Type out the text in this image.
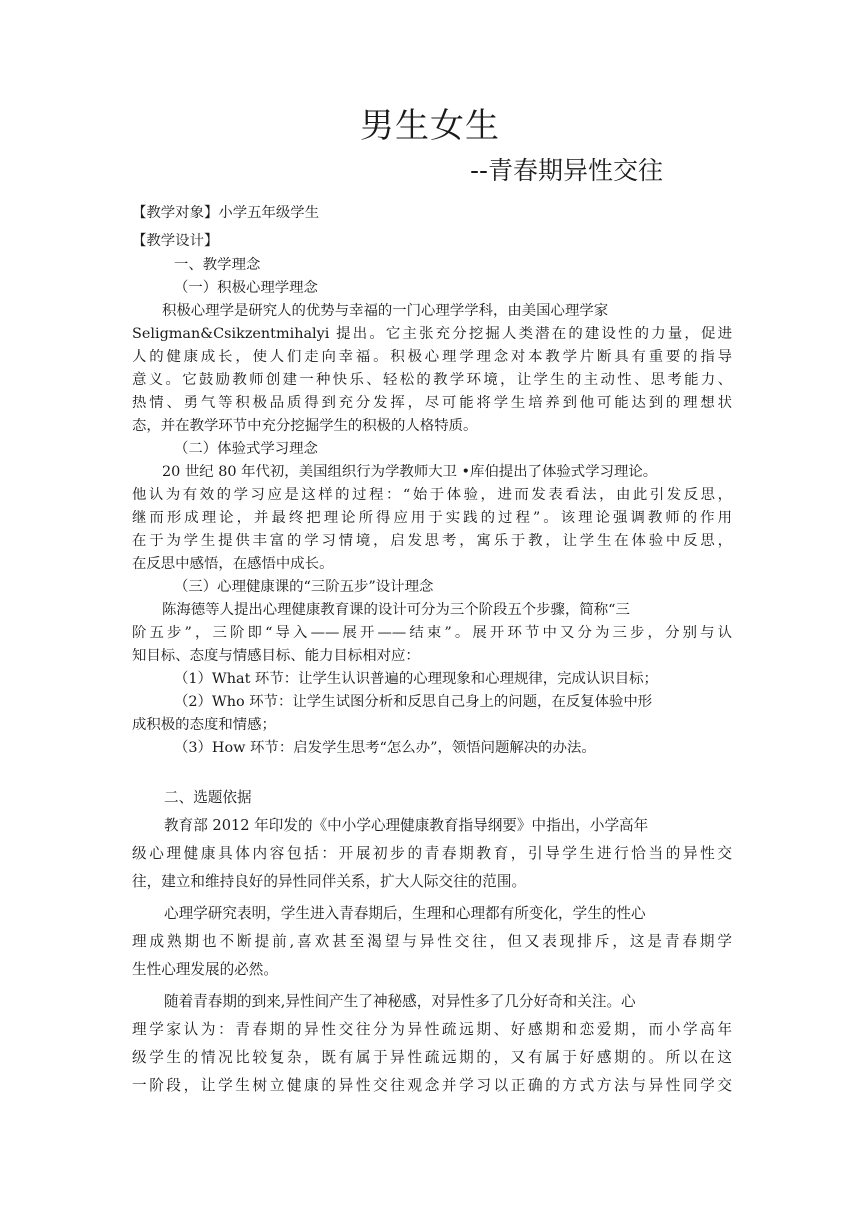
男生女生
--青春期异性交往
【教学对象】小学五年级学生
【教学设计】
一、教学理念
（一）积极心理学理念
积极心理学是研究人的优势与幸福的一门心理学学科，由美国心理学家
Seligman&Csikzentmihalyi 提出。它主张充分挖掘人类潜在的建设性的力量，促进
人的健康成长，使人们走向幸福。积极心理学理念对本教学片断具有重要的指导
意义。它鼓励教师创建一种快乐、轻松的教学环境，让学生的主动性、思考能力、
热情、勇气等积极品质得到充分发挥，尽可能将学生培养到他可能达到的理想状
态，并在教学环节中充分挖掘学生的积极的人格特质。
（二）体验式学习理念
20 世纪 80 年代初，美国组织行为学教师大卫 •库伯提出了体验式学习理论。
他认为有效的学习应是这样的过程：“始于体验，进而发表看法，由此引发反思，
继而形成理论，并最终把理论所得应用于实践的过程”。该理论强调教师的作用
在于为学生提供丰富的学习情境，启发思考，寓乐于教，让学生在体验中反思，
在反思中感悟，在感悟中成长。
（三）心理健康课的“三阶五步”设计理念
陈海德等人提出心理健康教育课的设计可分为三个阶段五个步骤，简称“三
阶五步”，三阶即“导入——展开——结束”。展开环节中又分为三步，分别与认
知目标、态度与情感目标、能力目标相对应：
（1）What 环节：让学生认识普遍的心理现象和心理规律，完成认识目标；
（2）Who 环节：让学生试图分析和反思自己身上的问题，在反复体验中形
成积极的态度和情感；
（3）How 环节：启发学生思考“怎么办”，领悟问题解决的办法。
二、选题依据
教育部 2012 年印发的《中小学心理健康教育指导纲要》中指出，小学高年
级心理健康具体内容包括：开展初步的青春期教育，引导学生进行恰当的异性交
往，建立和维持良好的异性同伴关系，扩大人际交往的范围。
心理学研究表明，学生进入青春期后，生理和心理都有所变化，学生的性心
理成熟期也不断提前,喜欢甚至渴望与异性交往，但又表现排斥，这是青春期学
生性心理发展的必然。
随着青春期的到来,异性间产生了神秘感，对异性多了几分好奇和关注。心
理学家认为：青春期的异性交往分为异性疏远期、好感期和恋爱期，而小学高年
级学生的情况比较复杂，既有属于异性疏远期的，又有属于好感期的。所以在这
一阶段，让学生树立健康的异性交往观念并学习以正确的方式方法与异性同学交
